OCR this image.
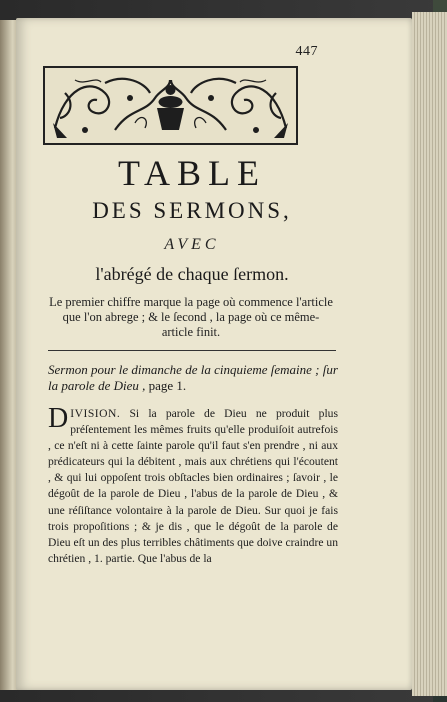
447
TABLE
DES SERMONS,
AVEC
l'abrégé de chaque ſermon.
Le premier chiffre marque la page où commence l'article que l'on abrege ; & le ſecond , la page où ce même-article finit.
Sermon pour le dimanche de la cinquieme ſemaine ; ſur la parole de Dieu , page 1.
D IVISION. Si la parole de Dieu ne produit plus préſentement les mêmes fruits qu'elle produiſoit autrefois , ce n'eſt ni à cette ſainte parole qu'il faut s'en prendre , ni aux prédicateurs qui la débitent , mais aux chrétiens qui l'écoutent , & qui lui oppoſent trois obſtacles bien ordinaires ; ſavoir , le dégoût de la parole de Dieu , l'abus de la parole de Dieu , & une réſiſtance volontaire à la parole de Dieu. Sur quoi je fais trois propoſitions ; & je dis , que le dégoût de la parole de Dieu eſt un des plus terribles châtiments que doive craindre un chrétien , 1. partie. Que l'abus de la
